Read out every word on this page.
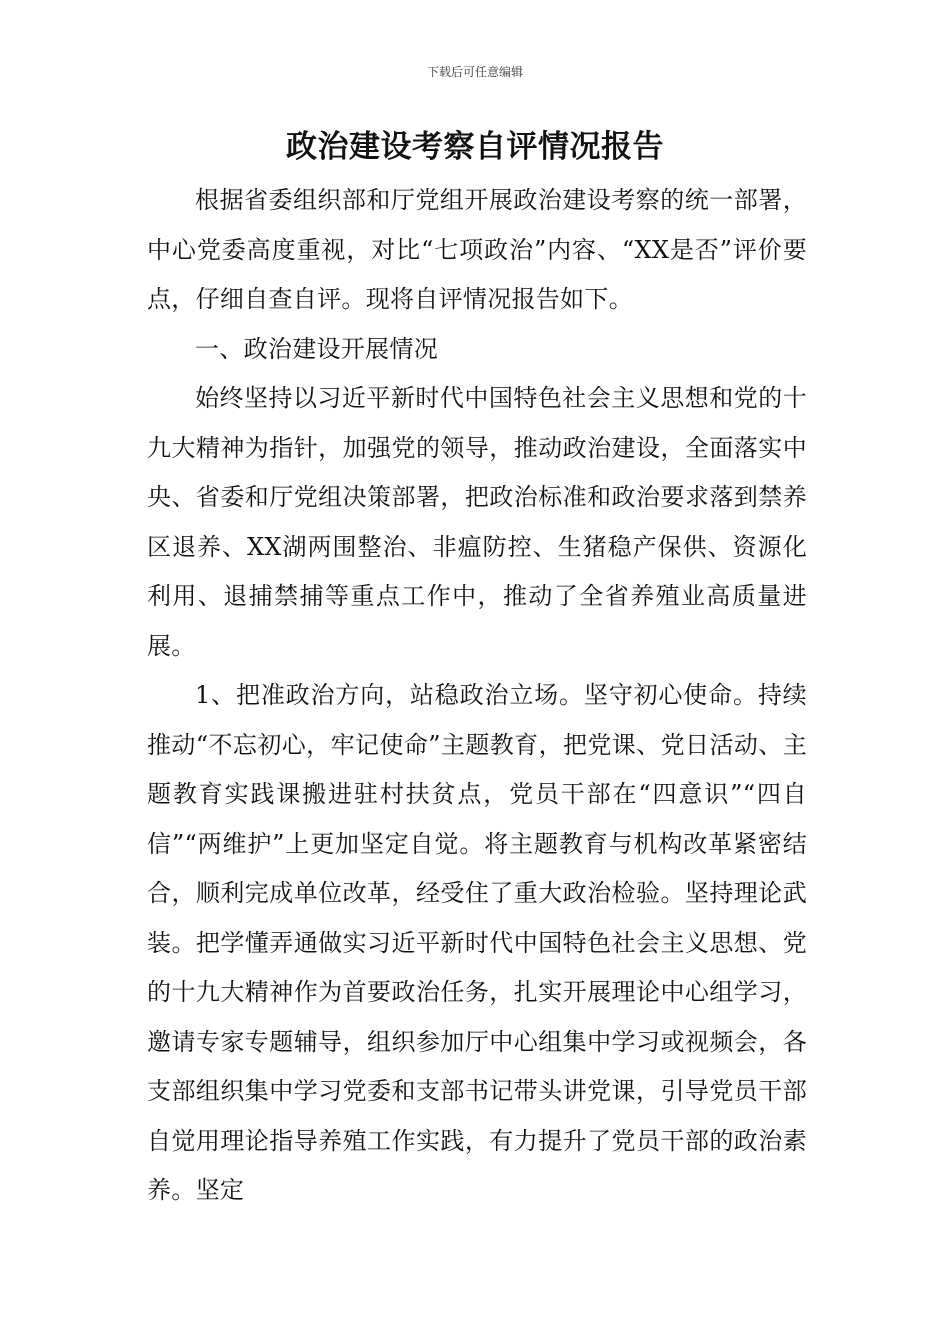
下载后可任意编辑
政治建设考察自评情况报告

根据省委组织部和厅党组开展政治建设考察的统一部署，中心党委高度重视，对比“七项政治”内容、“XX是否”评价要点，仔细自查自评。现将自评情况报告如下。

一、政治建设开展情况

始终坚持以习近平新时代中国特色社会主义思想和党的十九大精神为指针，加强党的领导，推动政治建设，全面落实中央、省委和厅党组决策部署，把政治标准和政治要求落到禁养区退养、XX湖两围整治、非瘟防控、生猪稳产保供、资源化利用、退捕禁捕等重点工作中，推动了全省养殖业高质量进展。

1、把准政治方向，站稳政治立场。坚守初心使命。持续推动“不忘初心，牢记使命”主题教育，把党课、党日活动、主题教育实践课搬进驻村扶贫点，党员干部在“四意识”“四自信”“两维护”上更加坚定自觉。将主题教育与机构改革紧密结合，顺利完成单位改革，经受住了重大政治检验。坚持理论武装。把学懂弄通做实习近平新时代中国特色社会主义思想、党的十九大精神作为首要政治任务，扎实开展理论中心组学习，邀请专家专题辅导，组织参加厅中心组集中学习或视频会，各支部组织集中学习党委和支部书记带头讲党课，引导党员干部自觉用理论指导养殖工作实践，有力提升了党员干部的政治素养。坚定
